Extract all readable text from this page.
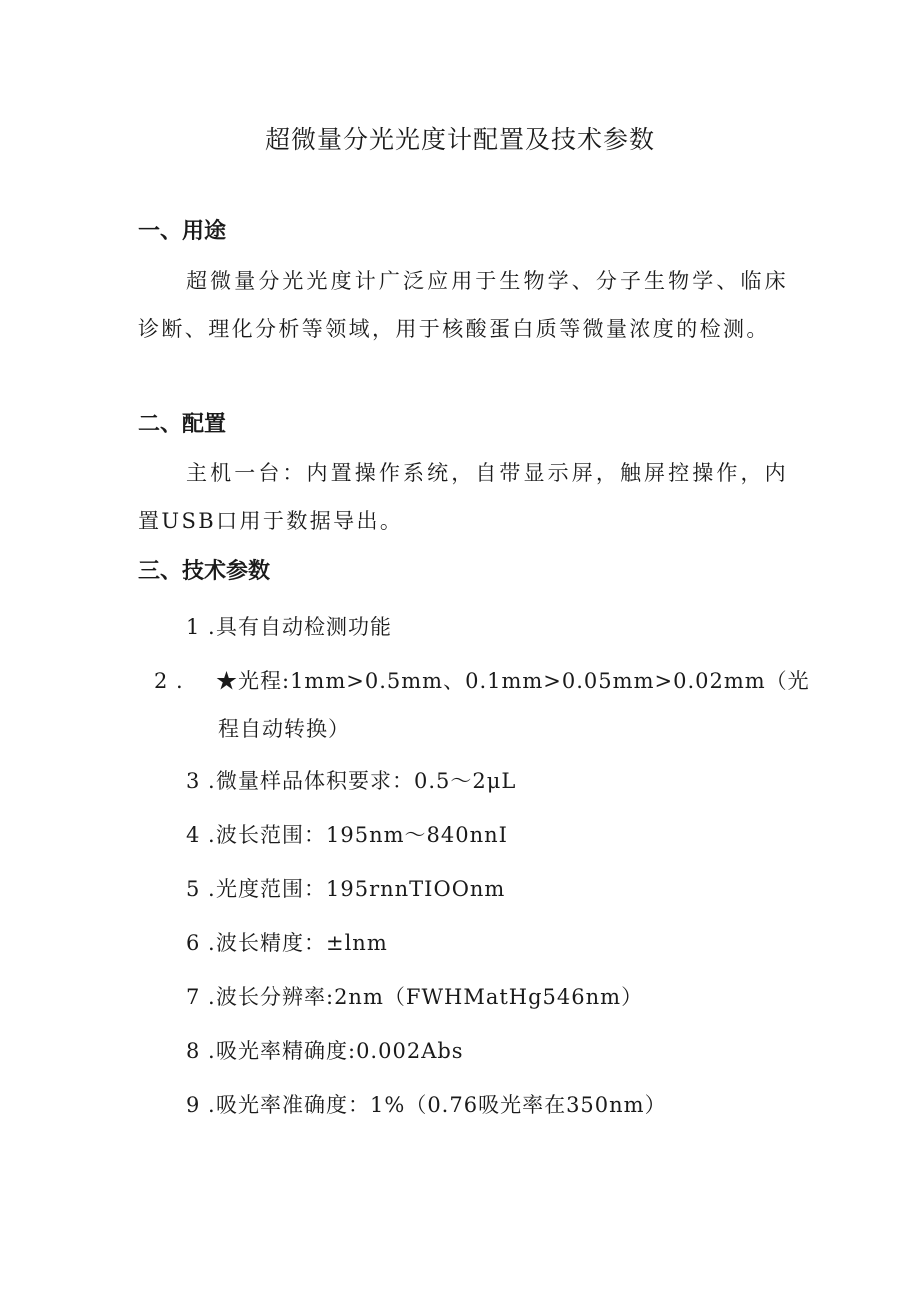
超微量分光光度计配置及技术参数
一、用途

超微量分光光度计广泛应用于生物学、分子生物学、临床诊断、理化分析等领域，用于核酸蛋白质等微量浓度的检测。

二、配置

主机一台：内置操作系统，自带显示屏，触屏控操作，内置USB口用于数据导出。

三、技术参数
1 .具有自动检测功能
2 . ★光程:1mm>0.5mm、0.1mm>0.05mm>0.02mm（光程自动转换）
3 .微量样品体积要求：0.5～2μL
4 .波长范围：195nm～840nnI
5 .光度范围：195rnnTIOOnm
6 .波长精度：±lnm
7 .波长分辨率:2nm（FWHMatHg546nm）
8 .吸光率精确度:0.002Abs
9 .吸光率准确度：1%（0.76吸光率在350nm）
